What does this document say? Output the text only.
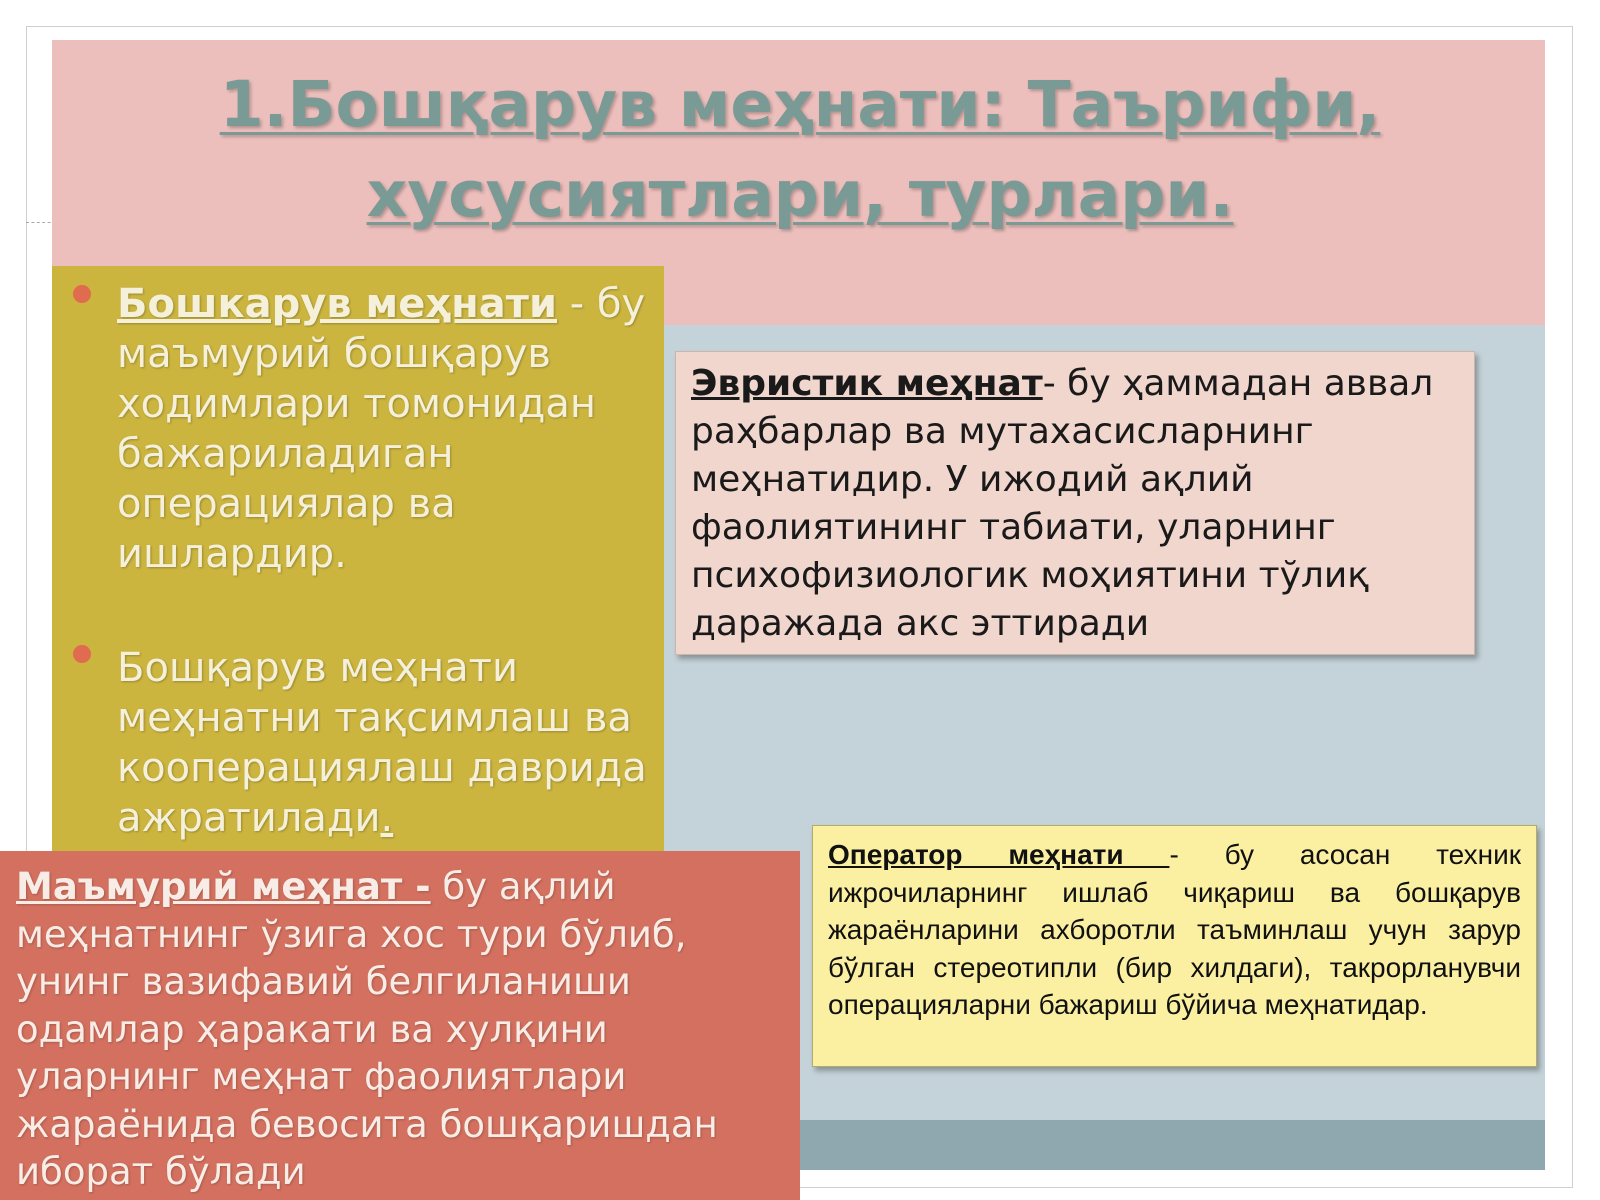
1.Бошқарув меҳнати: Таърифи,
хусусиятлари, турлари.
Бошкарув меҳнати - бу маъмурий бошқарув ходимлари томонидан бажариладиган операциялар ва ишлардир.
Бошқарув меҳнати меҳнатни тақсимлаш ва кооперациялаш даврида ажратилади.
Эвристик меҳнат- бу ҳаммадан аввал раҳбарлар ва мутахасисларнинг меҳнатидир. У ижодий ақлий фаолиятининг табиати, уларнинг психофизиологик моҳиятини тўлиқ даражада акс эттиради
Оператор меҳнати - бу асосан техник ижрочиларнинг ишлаб чиқариш ва бошқарув жараёнларини ахборотли таъминлаш учун зарур бўлган стереотипли (бир хилдаги), такрорланувчи операцияларни бажариш бўйича меҳнатидар.
Маъмурий меҳнат - бу ақлий меҳнатнинг ўзига хос тури бўлиб, унинг вазифавий белгиланиши одамлар ҳаракати ва хулқини уларнинг меҳнат фаолиятлари жараёнида бевосита бошқаришдан иборат бўлади
